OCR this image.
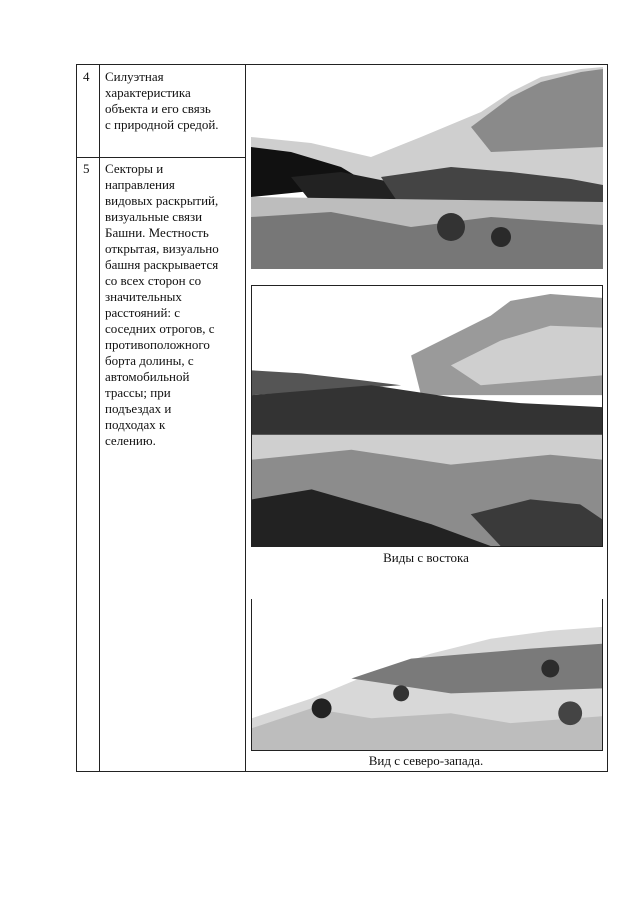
4 Силуэтная
характеристика
объекта и его связь
с природной средой.
5 Секторы и
направления
видовых раскрытий,
визуальные связи
Башни. Местность
открытая, визуально
башня раскрывается
со всех сторон со
значительных
расстояний: с
соседних отрогов, с
противоположного
борта долины, с
автомобильной
трассы; при
подъездах и
подходах к
селению.
Виды с востока
Вид с северо-запада.
